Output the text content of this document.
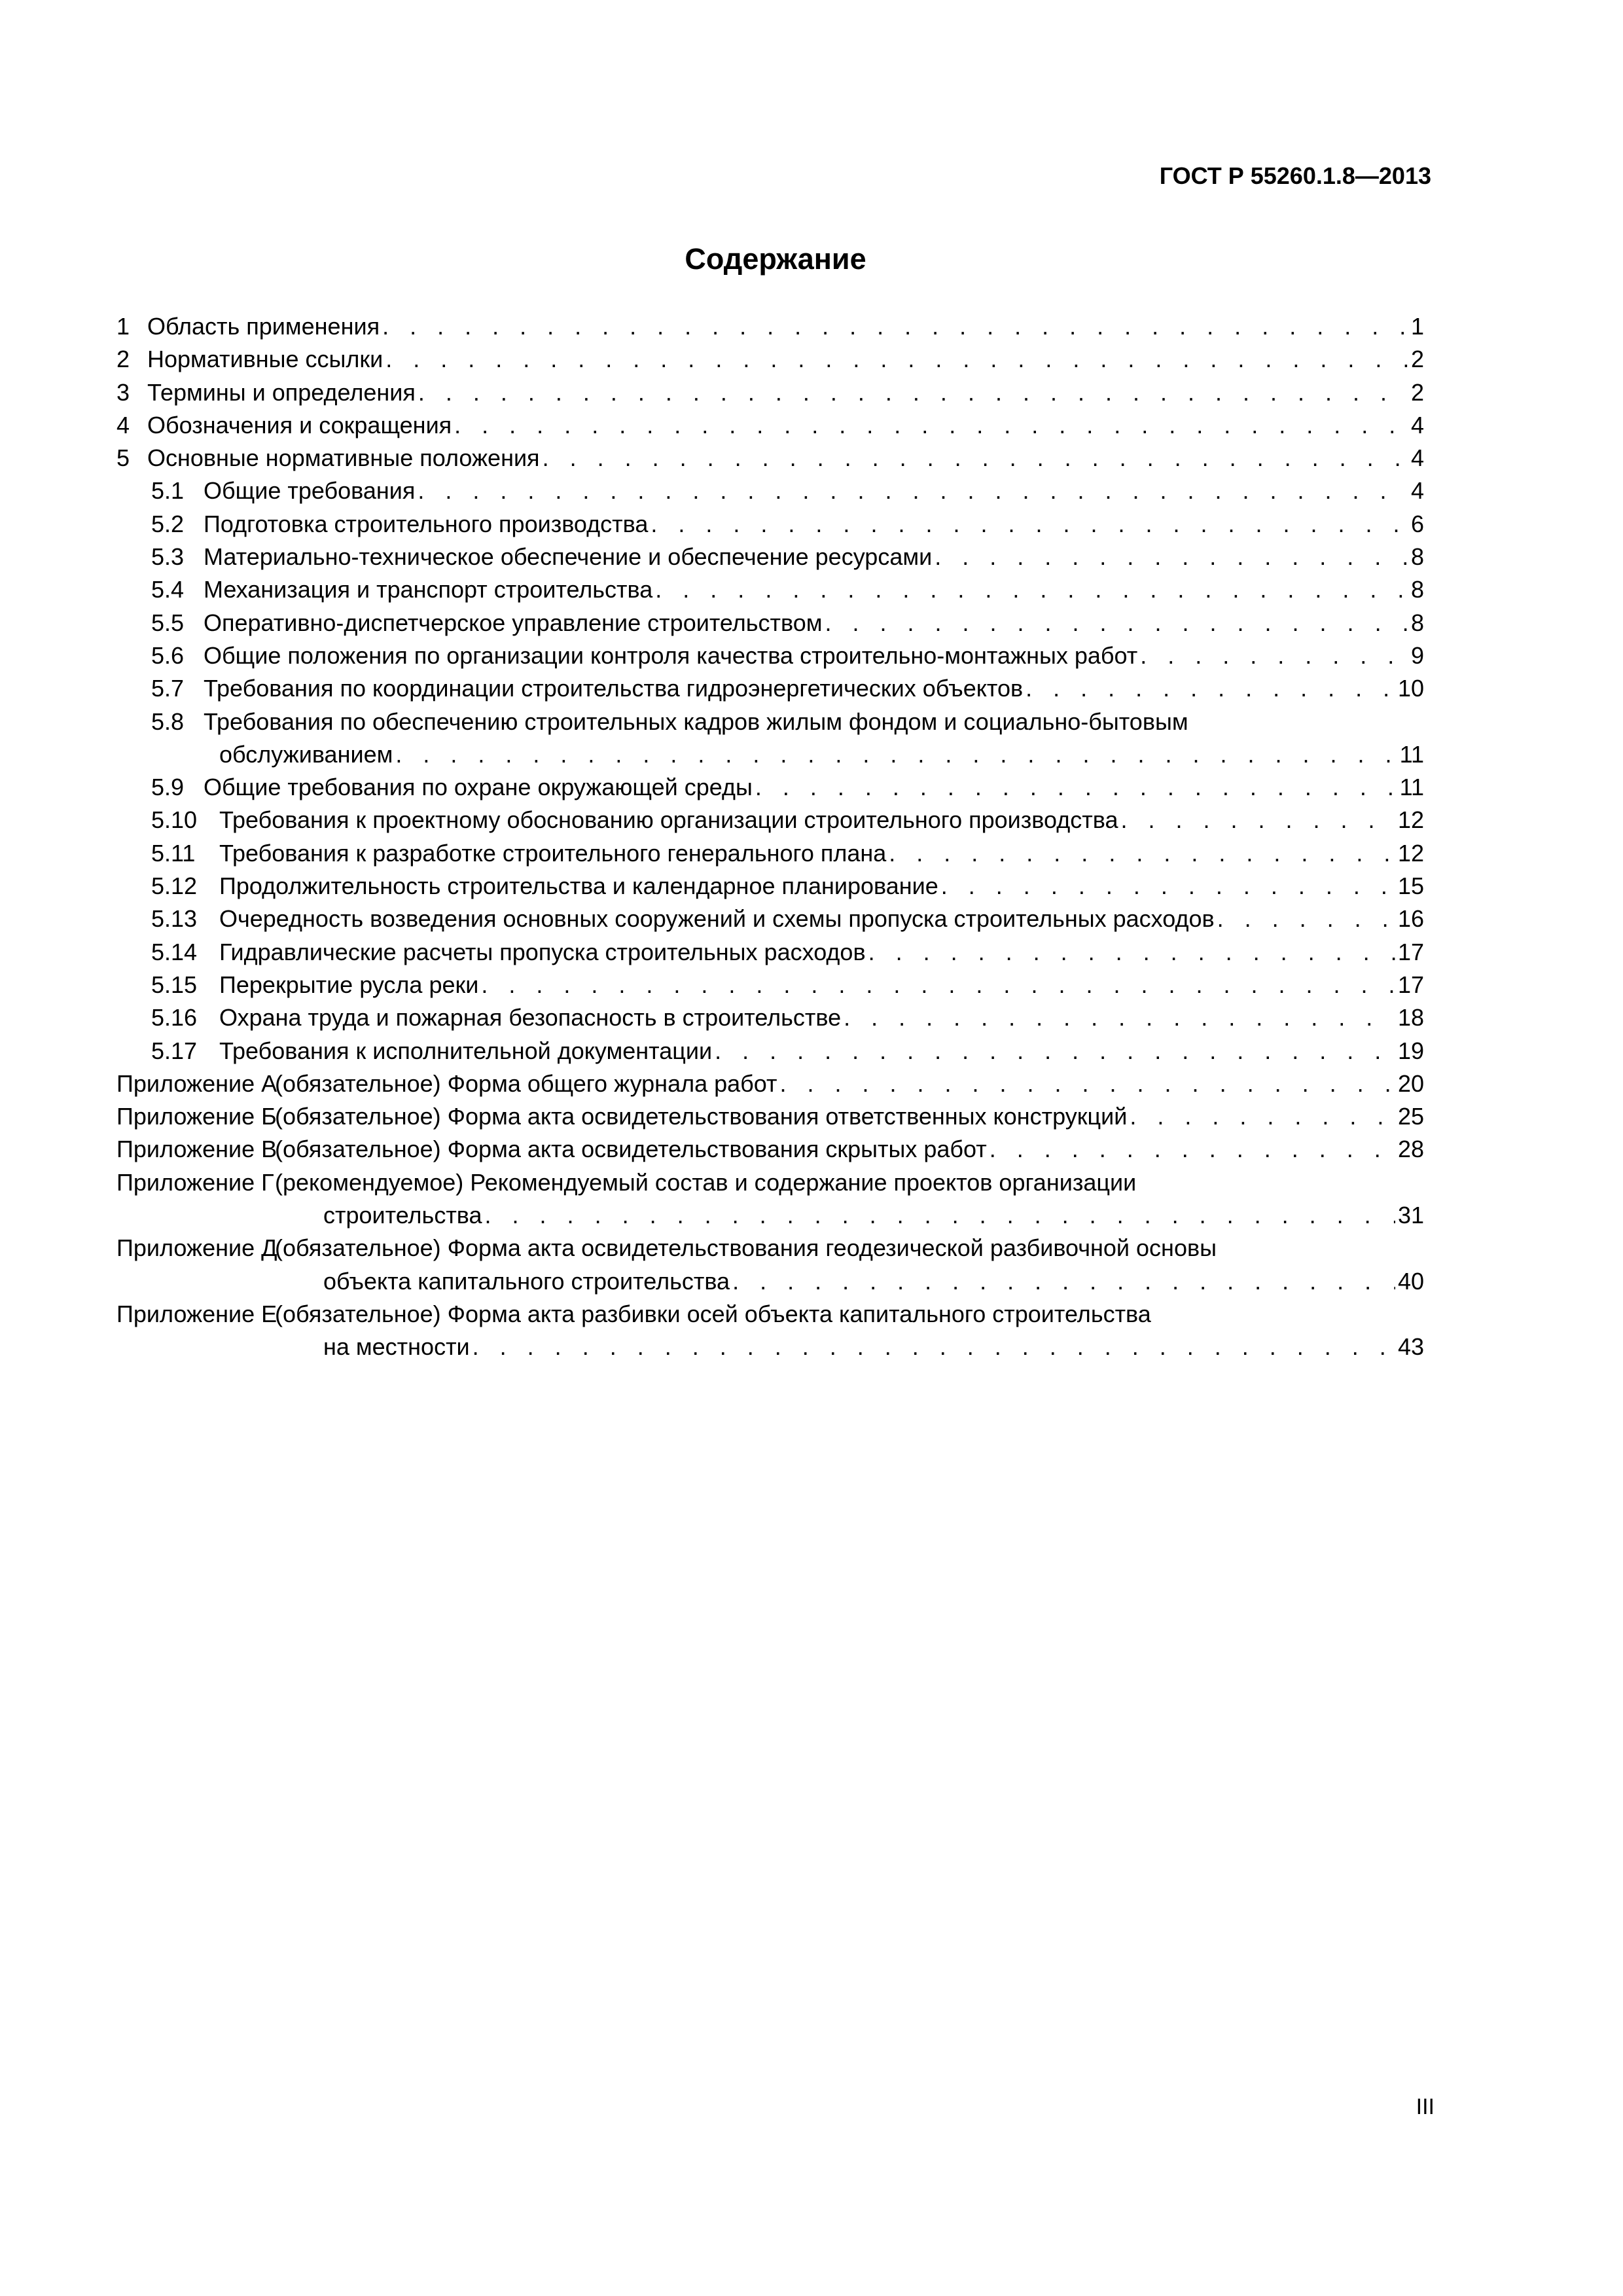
ГОСТ Р 55260.1.8—2013
Содержание
1 Область применения . . .	1
2 Нормативные ссылки . . .	2
3 Термины и определения . . .	2
4 Обозначения и сокращения . . .	4
5 Основные нормативные положения . . .	4
5.1 Общие требования . . .	4
5.2 Подготовка строительного производства . . .	6
5.3 Материально-техническое обеспечение и обеспечение ресурсами . . .	8
5.4 Механизация и транспорт строительства . . .	8
5.5 Оперативно-диспетчерское управление строительством . . .	8
5.6 Общие положения по организации контроля качества строительно-монтажных работ . . .	9
5.7 Требования по координации строительства гидроэнергетических объектов . . .	10
5.8 Требования по обеспечению строительных кадров жилым фондом и социально-бытовым
обслуживанием . . .	11
5.9 Общие требования по охране окружающей среды . . .	11
5.10 Требования к проектному обоснованию организации строительного производства . . .	12
5.11 Требования к разработке строительного генерального плана . . .	12
5.12 Продолжительность строительства и календарное планирование . . .	15
5.13 Очередность возведения основных сооружений и схемы пропуска строительных расходов . . .	16
5.14 Гидравлические расчеты пропуска строительных расходов . . .	17
5.15 Перекрытие русла реки . . .	17
5.16 Охрана труда и пожарная безопасность в строительстве . . .	18
5.17 Требования к исполнительной документации . . .	19
Приложение А
(обязательное) Форма общего журнала работ . . .	20
Приложение Б
(обязательное) Форма акта освидетельствования ответственных конструкций . . .	25
Приложение В
(обязательное) Форма акта освидетельствования скрытых работ . . .	28
Приложение Г (рекомендуемое) Рекомендуемый состав и содержание проектов организации
строительства . . .	31
Приложение Д
(обязательное) Форма акта освидетельствования геодезической разбивочной основы
объекта капитального строительства . . .	40
Приложение Е
(обязательное) Форма акта разбивки осей объекта капитального строительства
на местности . . .	43
III
